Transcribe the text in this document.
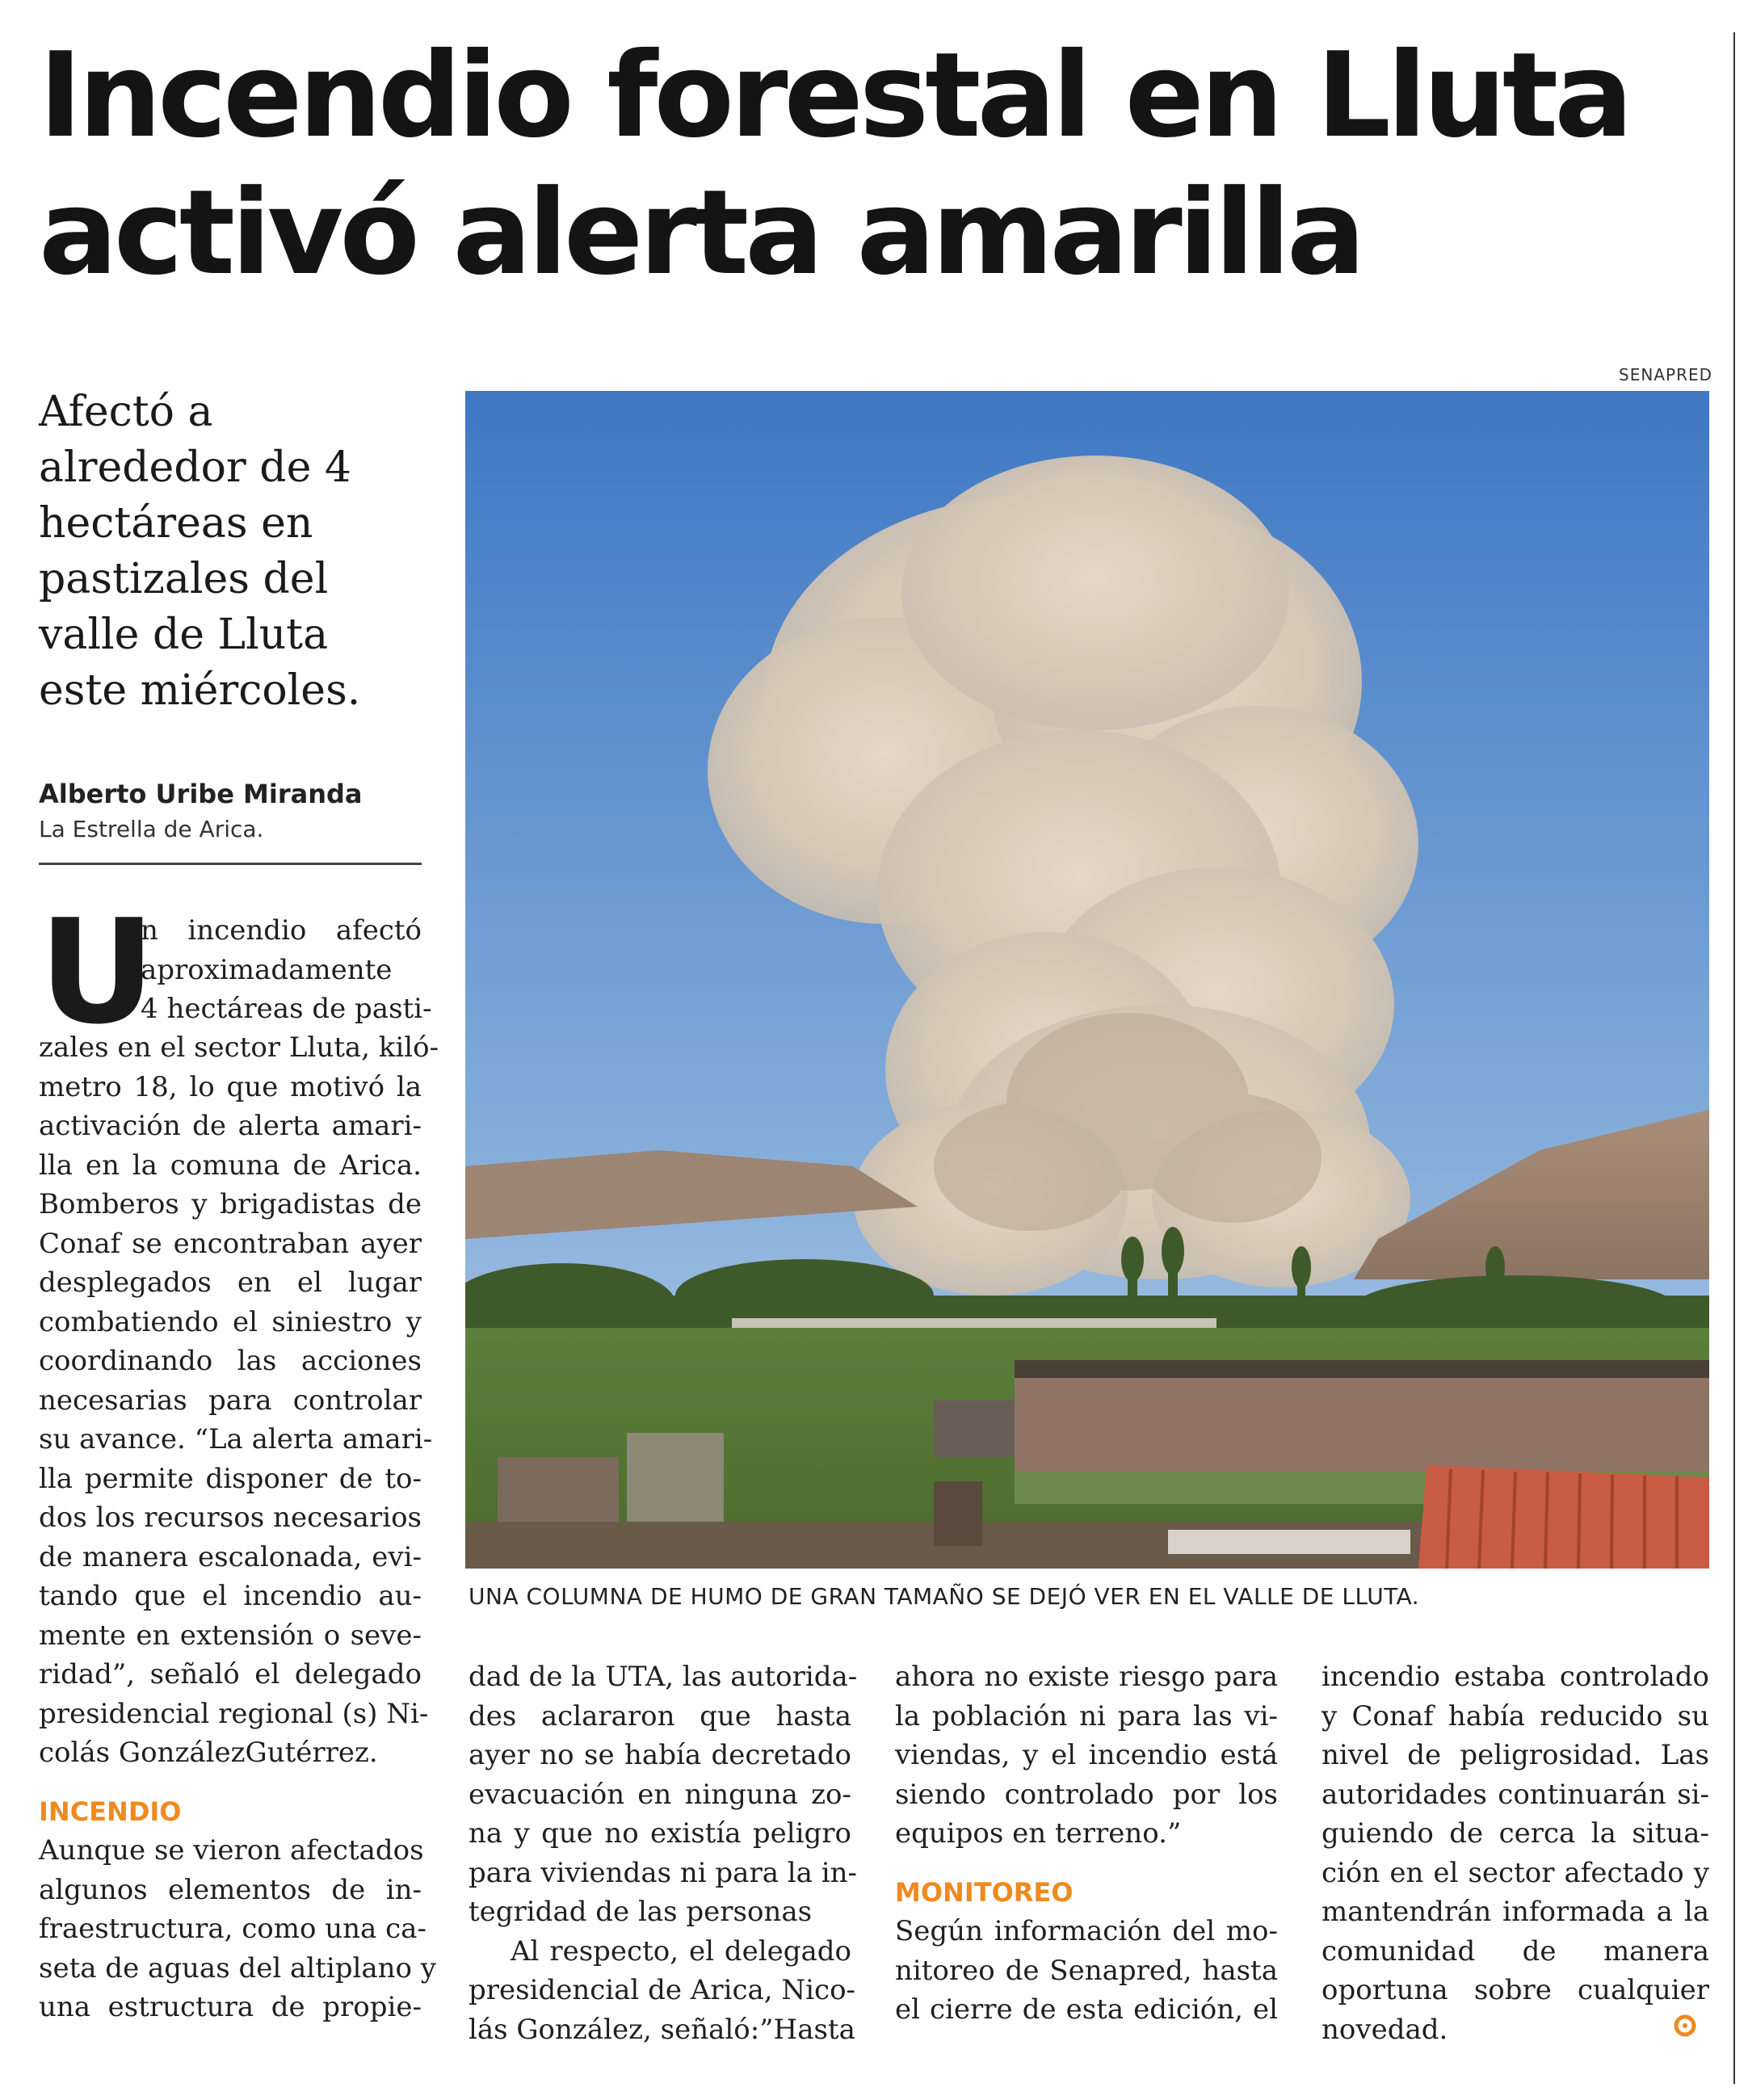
Incendio forestal en Lluta
activó alerta amarilla
SENAPRED
UNA COLUMNA DE HUMO DE GRAN TAMAÑO SE DEJÓ VER EN EL VALLE DE LLUTA.
Afectó a
alrededor de 4
hectáreas en
pastizales del
valle de Lluta
este miércoles.
Alberto Uribe Miranda
La Estrella de Arica.
U
n incendio afectó
aproximadamente
4 hectáreas de pasti-
zales en el sector Lluta, kiló-
metro 18, lo que motivó la
activación de alerta amari-
lla en la comuna de Arica.
Bomberos y brigadistas de
Conaf se encontraban ayer
desplegados en el lugar
combatiendo el siniestro y
coordinando las acciones
necesarias para controlar
su avance. “La alerta amari-
lla permite disponer de to-
dos los recursos necesarios
de manera escalonada, evi-
tando que el incendio au-
mente en extensión o seve-
ridad”, señaló el delegado
presidencial regional (s) Ni-
colás GonzálezGutérrez.
INCENDIO
Aunque se vieron afectados
algunos elementos de in-
fraestructura, como una ca-
seta de aguas del altiplano y
una estructura de propie-
dad de la UTA, las autorida-
des aclararon que hasta
ayer no se había decretado
evacuación en ninguna zo-
na y que no existía peligro
para viviendas ni para la in-
tegridad de las personas
Al respecto, el delegado
presidencial de Arica, Nico-
lás González, señaló:”Hasta
ahora no existe riesgo para
la población ni para las vi-
viendas, y el incendio está
siendo controlado por los
equipos en terreno.”
MONITOREO
Según información del mo-
nitoreo de Senapred, hasta
el cierre de esta edición, el
incendio estaba controlado
y Conaf había reducido su
nivel de peligrosidad. Las
autoridades continuarán si-
guiendo de cerca la situa-
ción en el sector afectado y
mantendrán informada a la
comunidad de manera
oportuna sobre cualquier
novedad.
